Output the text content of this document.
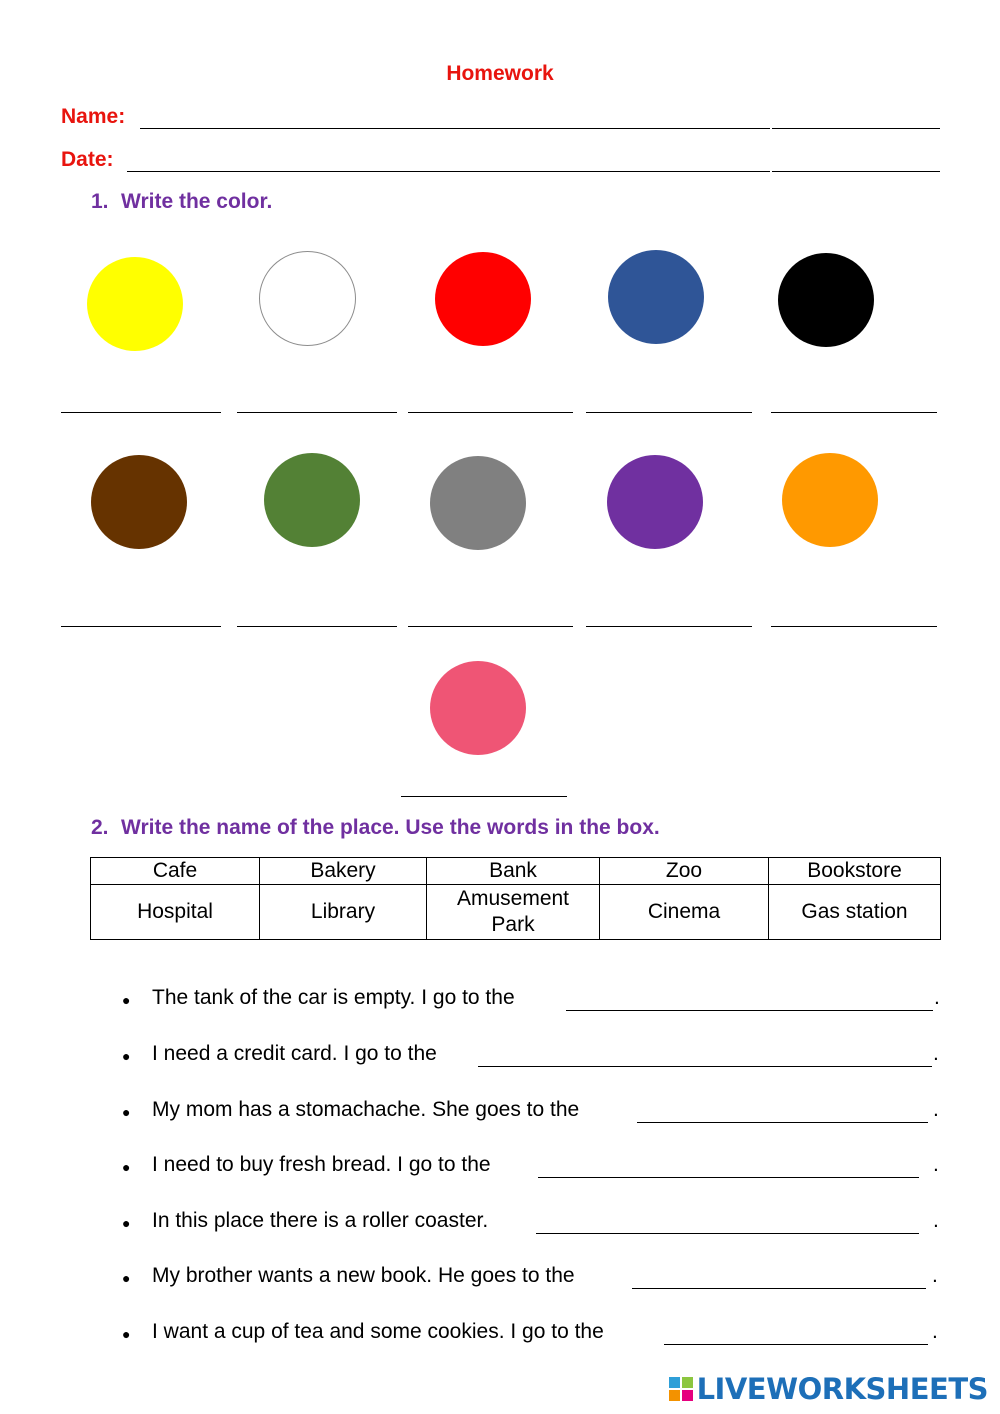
Homework
Name:
Date:
1. Write the color.
2. Write the name of the place. Use the words in the box.
Cafe	Bakery	Bank	Zoo	Bookstore
Hospital	Library	Amusement Park	Cinema	Gas station
● The tank of the car is empty. I go to the	.
● I need a credit card. I go to the	.
● My mom has a stomachache. She goes to the	.
● I need to buy fresh bread. I go to the	.
● In this place there is a roller coaster.	.
● My brother wants a new book. He goes to the	.
● I want a cup of tea and some cookies. I go to the	.
LIVEWORKSHEETS
